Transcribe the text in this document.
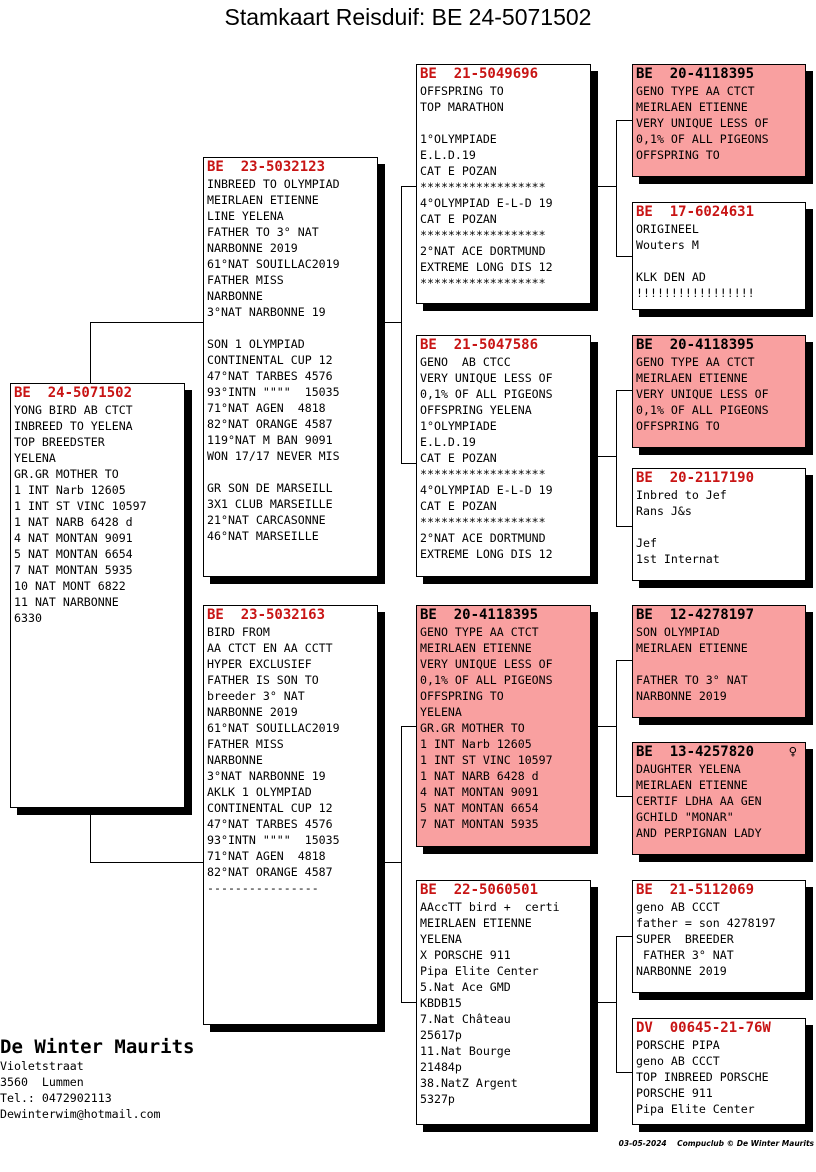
Stamkaart Reisduif: BE 24-5071502
BE  24-5071502
YONG BIRD AB CTCT
INBREED TO YELENA
TOP BREEDSTER
YELENA
GR.GR MOTHER TO
1 INT Narb 12605
1 INT ST VINC 10597
1 NAT NARB 6428 d
4 NAT MONTAN 9091
5 NAT MONTAN 6654
7 NAT MONTAN 5935
10 NAT MONT 6822
11 NAT NARBONNE
6330
BE  23-5032123
INBREED TO OLYMPIAD
MEIRLAEN ETIENNE
LINE YELENA
FATHER TO 3° NAT
NARBONNE 2019
61°NAT SOUILLAC2019
FATHER MISS
NARBONNE
3°NAT NARBONNE 19

SON 1 OLYMPIAD
CONTINENTAL CUP 12
47°NAT TARBES 4576
93°INTN """"  15035
71°NAT AGEN  4818
82°NAT ORANGE 4587
119°NAT M BAN 9091
WON 17/17 NEVER MIS

GR SON DE MARSEILL
3X1 CLUB MARSEILLE
21°NAT CARCASONNE
46°NAT MARSEILLE
BE  23-5032163
BIRD FROM
AA CTCT EN AA CCTT
HYPER EXCLUSIEF
FATHER IS SON TO
breeder 3° NAT
NARBONNE 2019
61°NAT SOUILLAC2019
FATHER MISS
NARBONNE
3°NAT NARBONNE 19
AKLK 1 OLYMPIAD
CONTINENTAL CUP 12
47°NAT TARBES 4576
93°INTN """"  15035
71°NAT AGEN  4818
82°NAT ORANGE 4587
----------------
BE  21-5049696
OFFSPRING TO
TOP MARATHON

1°OLYMPIADE
E.L.D.19
CAT E POZAN
******************
4°OLYMPIAD E-L-D 19
CAT E POZAN
******************
2°NAT ACE DORTMUND
EXTREME LONG DIS 12
******************
BE  21-5047586
GENO  AB CTCC
VERY UNIQUE LESS OF
0,1% OF ALL PIGEONS
OFFSPRING YELENA
1°OLYMPIADE
E.L.D.19
CAT E POZAN
******************
4°OLYMPIAD E-L-D 19
CAT E POZAN
******************
2°NAT ACE DORTMUND
EXTREME LONG DIS 12
BE  20-4118395
GENO TYPE AA CTCT
MEIRLAEN ETIENNE
VERY UNIQUE LESS OF
0,1% OF ALL PIGEONS
OFFSPRING TO
YELENA
GR.GR MOTHER TO
1 INT Narb 12605
1 INT ST VINC 10597
1 NAT NARB 6428 d
4 NAT MONTAN 9091
5 NAT MONTAN 6654
7 NAT MONTAN 5935
BE  22-5060501
AAccTT bird +  certi
MEIRLAEN ETIENNE
YELENA
X PORSCHE 911
Pipa Elite Center
5.Nat Ace GMD
KBDB15
7.Nat Château
25617p
11.Nat Bourge
21484p
38.NatZ Argent
5327p
BE  20-4118395
GENO TYPE AA CTCT
MEIRLAEN ETIENNE
VERY UNIQUE LESS OF
0,1% OF ALL PIGEONS
OFFSPRING TO
BE  17-6024631
ORIGINEEL
Wouters M

KLK DEN AD
!!!!!!!!!!!!!!!!!
BE  20-4118395
GENO TYPE AA CTCT
MEIRLAEN ETIENNE
VERY UNIQUE LESS OF
0,1% OF ALL PIGEONS
OFFSPRING TO
BE  20-2117190
Inbred to Jef
Rans J&s

Jef
1st Internat
BE  12-4278197
SON OLYMPIAD
MEIRLAEN ETIENNE

FATHER TO 3° NAT
NARBONNE 2019
BE  13-4257820	♀
DAUGHTER YELENA
MEIRLAEN ETIENNE
CERTIF LDHA AA GEN
GCHILD "MONAR"
AND PERPIGNAN LADY
BE  21-5112069
geno AB CCCT
father = son 4278197
SUPER  BREEDER
FATHER 3° NAT
NARBONNE 2019
DV  00645-21-76W
PORSCHE PIPA
geno AB CCCT
TOP INBREED PORSCHE
PORSCHE 911
Pipa Elite Center
De Winter Maurits
Violetstraat
3560  Lummen
Tel.: 0472902113
Dewinterwim@hotmail.com
03-05-2024    Compuclub © De Winter Maurits
